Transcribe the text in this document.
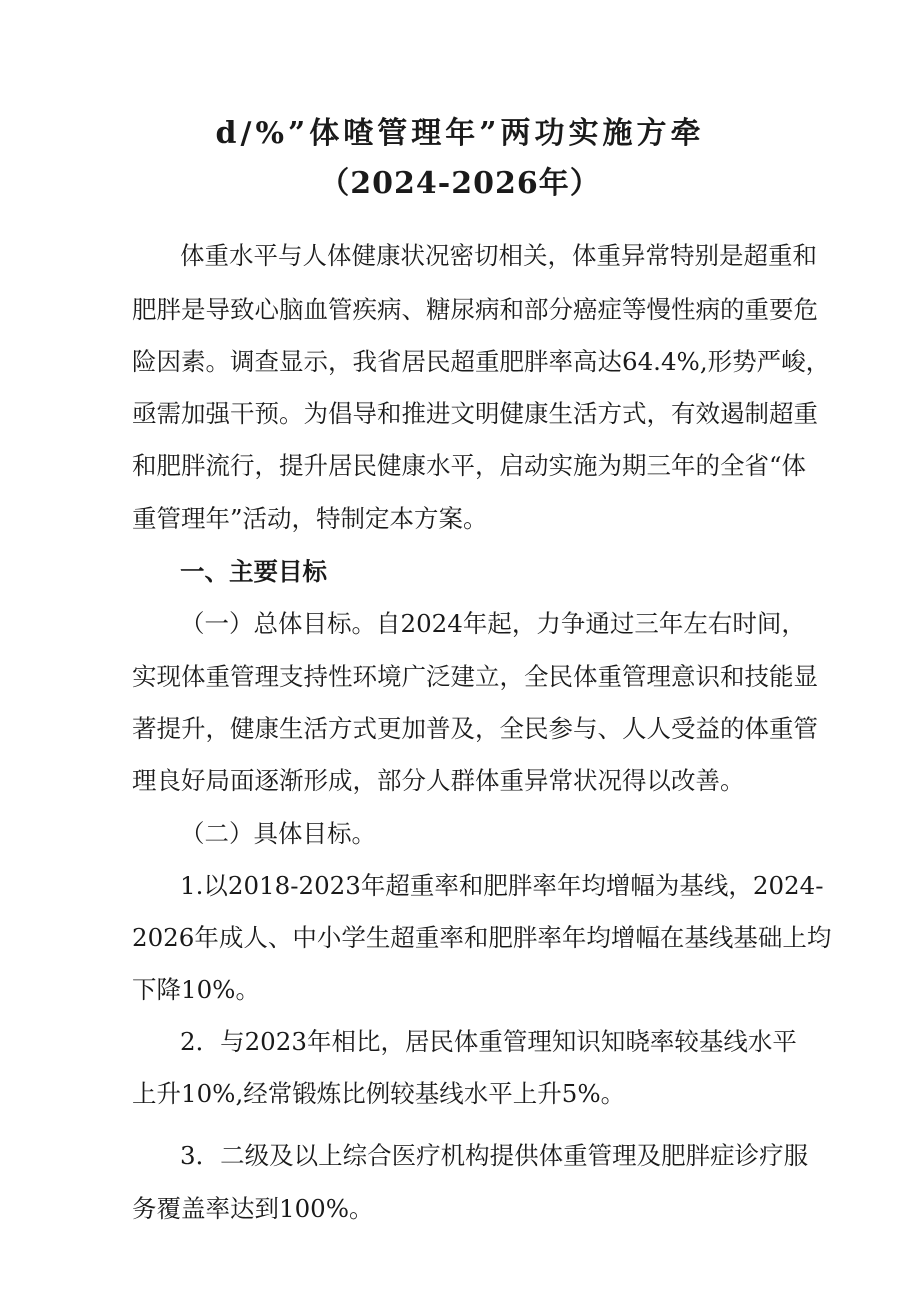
d/%”体喳管理年”两功实施方牵
（2024-2026年）
体重水平与人体健康状况密切相关，体重异常特别是超重和
肥胖是导致心脑血管疾病、糖尿病和部分癌症等慢性病的重要危
险因素。调查显示，我省居民超重肥胖率高达64.4%,形势严峻，
亟需加强干预。为倡导和推进文明健康生活方式，有效遏制超重
和肥胖流行，提升居民健康水平，启动实施为期三年的全省“体
重管理年”活动，特制定本方案。
一、主要目标
（一）总体目标。自2024年起，力争通过三年左右时间，
实现体重管理支持性环境广泛建立，全民体重管理意识和技能显
著提升，健康生活方式更加普及，全民参与、人人受益的体重管
理良好局面逐渐形成，部分人群体重异常状况得以改善。
（二）具体目标。
1.以2018-2023年超重率和肥胖率年均增幅为基线，2024-
2026年成人、中小学生超重率和肥胖率年均增幅在基线基础上均
下降10%。
2．与2023年相比，居民体重管理知识知晓率较基线水平
上升10%,经常锻炼比例较基线水平上升5%。
3．二级及以上综合医疗机构提供体重管理及肥胖症诊疗服
务覆盖率达到100%。
